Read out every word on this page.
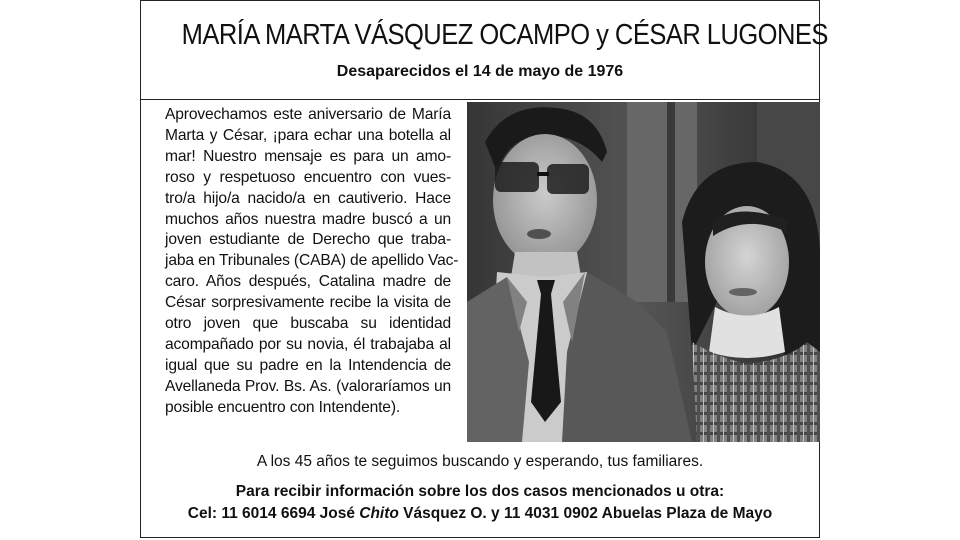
MARÍA MARTA VÁSQUEZ OCAMPO y CÉSAR LUGONES
Desaparecidos el 14 de mayo de 1976
Aprovechamos este aniversario de María
Marta y César, ¡para echar una botella al
mar! Nuestro mensaje es para un amo-
roso y respetuoso encuentro con vues-
tro/a hijo/a nacido/a en cautiverio. Hace
muchos años nuestra madre buscó a un
joven estudiante de Derecho que traba-
jaba en Tribunales (CABA) de apellido Vac-
caro. Años después, Catalina madre de
César sorpresivamente recibe la visita de
otro joven que buscaba su identidad
acompañado por su novia, él trabajaba al
igual que su padre en la Intendencia de
Avellaneda Prov. Bs. As. (valoraríamos un
posible encuentro con Intendente).
A los 45 años te seguimos buscando y esperando, tus familiares.
Para recibir información sobre los dos casos mencionados u otra:
Cel: 11 6014 6694 José Chito Vásquez O. y 11 4031 0902 Abuelas Plaza de Mayo
